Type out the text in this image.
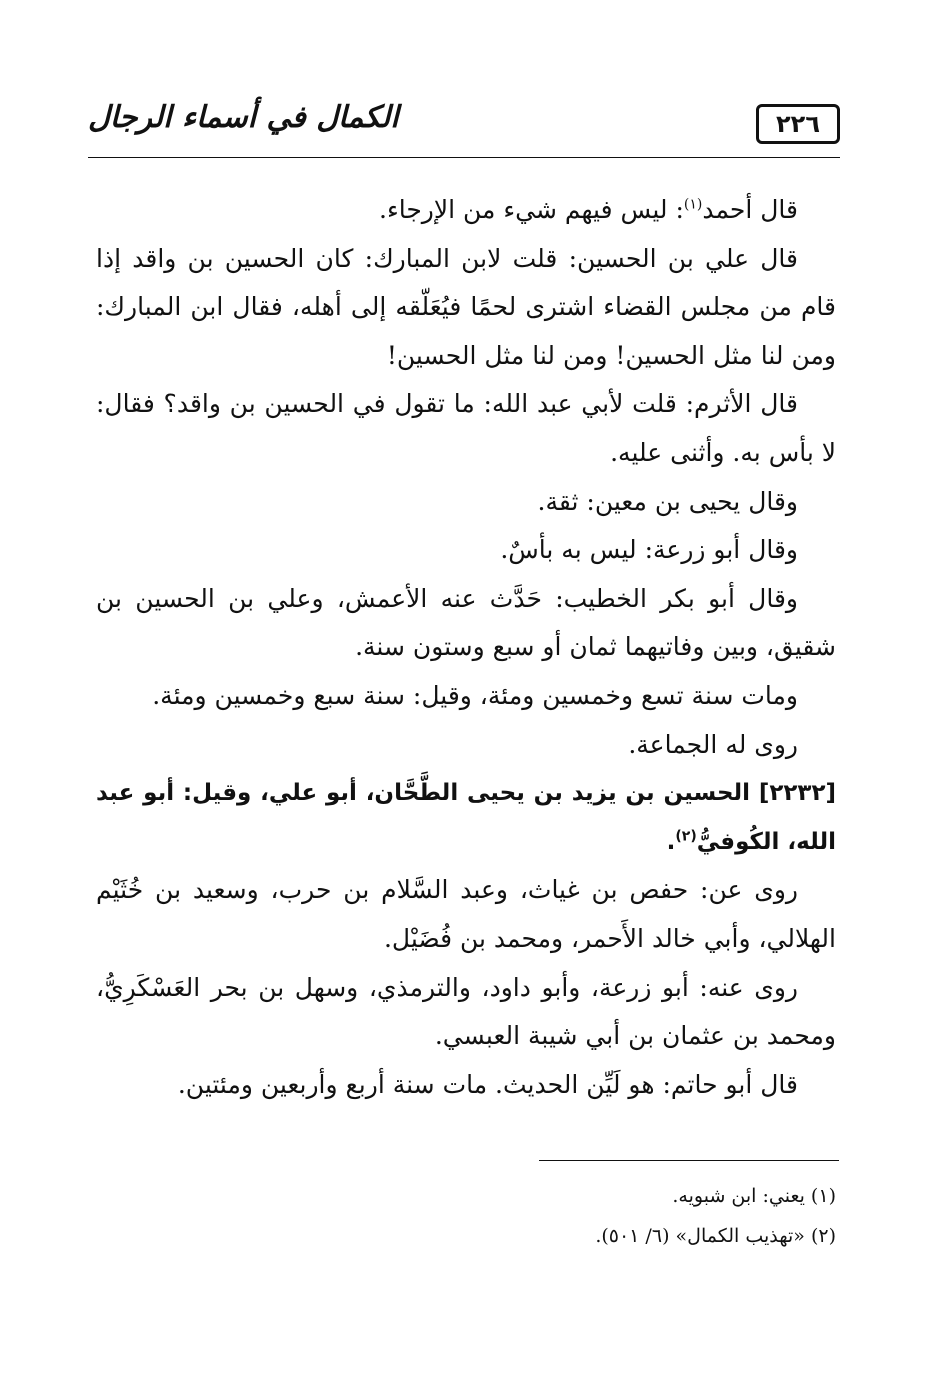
الكمال في أسماء الرجال	٢٢٦

قال أحمد$^{(١)}$: ليس فيهم شيء من الإرجاء.

قال علي بن الحسين: قلت لابن المبارك: كان الحسين بن واقد إذا قام من مجلس القضاء اشترى لحمًا فيُعَلّقه إلى أهله، فقال ابن المبارك: ومن لنا مثل الحسين! ومن لنا مثل الحسين!

قال الأثرم: قلت لأبي عبد الله: ما تقول في الحسين بن واقد؟ فقال: لا بأس به. وأثنى عليه.

وقال يحيى بن معين: ثقة.

وقال أبو زرعة: ليس به بأسٌ.

وقال أبو بكر الخطيب: حَدَّث عنه الأعمش، وعلي بن الحسين بن شقيق، وبين وفاتيهما ثمان أو سبع وستون سنة.

ومات سنة تسع وخمسين ومئة، وقيل: سنة سبع وخمسين ومئة.

روى له الجماعة.

[٢٢٣٢] الحسين بن يزيد بن يحيى الطَّحَّان، أبو علي، وقيل: أبو عبد الله، الكُوفيُّ$^{(٢)}$.

روى عن: حفص بن غياث، وعبد السَّلام بن حرب، وسعيد بن خُثَيْم الهلالي، وأبي خالد الأَحمر، ومحمد بن فُضَيْل.

روى عنه: أبو زرعة، وأبو داود، والترمذي، وسهل بن بحر العَسْكَرِيُّ، ومحمد بن عثمان بن أبي شيبة العبسي.

قال أبو حاتم: هو لَيِّن الحديث. مات سنة أربع وأربعين ومئتين.

(١) يعني: ابن شبويه.

(٢) «تهذيب الكمال» (٦/ ٥٠١).
